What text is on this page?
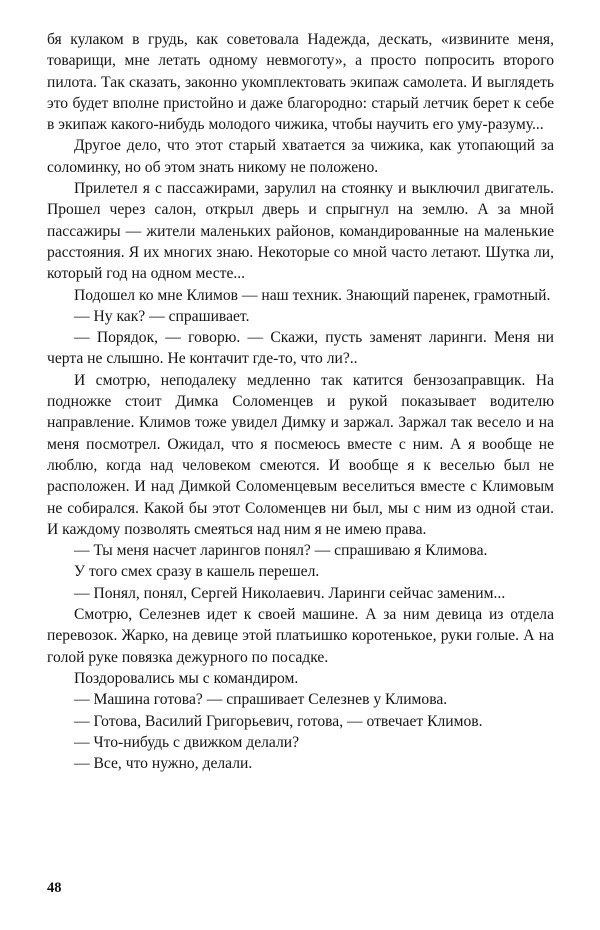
бя кулаком в грудь, как советовала Надежда, дескать, «извините меня, товарищи, мне летать одному невмоготу», а просто попросить второго пилота. Так сказать, законно укомплектовать экипаж самолета. И выглядеть это будет вполне пристойно и даже благородно: старый летчик берет к себе в экипаж какого-нибудь молодого чижика, чтобы научить его уму-разуму...

Другое дело, что этот старый хватается за чижика, как утопающий за соломинку, но об этом знать никому не положено.

Прилетел я с пассажирами, зарулил на стоянку и выключил двигатель. Прошел через салон, открыл дверь и спрыгнул на землю. А за мной пассажиры — жители маленьких районов, командированные на маленькие расстояния. Я их многих знаю. Некоторые со мной часто летают. Шутка ли, который год на одном месте...

Подошел ко мне Климов — наш техник. Знающий паренек, грамотный.

— Ну как? — спрашивает.

— Порядок, — говорю. — Скажи, пусть заменят ларинги. Меня ни черта не слышно. Не контачит где-то, что ли?..

И смотрю, неподалеку медленно так катится бензозаправщик. На подножке стоит Димка Соломенцев и рукой показывает водителю направление. Климов тоже увидел Димку и заржал. Заржал так весело и на меня посмотрел. Ожидал, что я посмеюсь вместе с ним. А я вообще не люблю, когда над человеком смеются. И вообще я к веселью был не расположен. И над Димкой Соломенцевым веселиться вместе с Климовым не собирался. Какой бы этот Соломенцев ни был, мы с ним из одной стаи. И каждому позволять смеяться над ним я не имею права.

— Ты меня насчет ларингов понял? — спрашиваю я Климова.

У того смех сразу в кашель перешел.

— Понял, понял, Сергей Николаевич. Ларинги сейчас заменим...

Смотрю, Селезнев идет к своей машине. А за ним девица из отдела перевозок. Жарко, на девице этой платьишко коротенькое, руки голые. А на голой руке повязка дежурного по посадке.

Поздоровались мы с командиром.

— Машина готова? — спрашивает Селезнев у Климова.

— Готова, Василий Григорьевич, готова, — отвечает Климов.

— Что-нибудь с движком делали?

— Все, что нужно, делали.

48
